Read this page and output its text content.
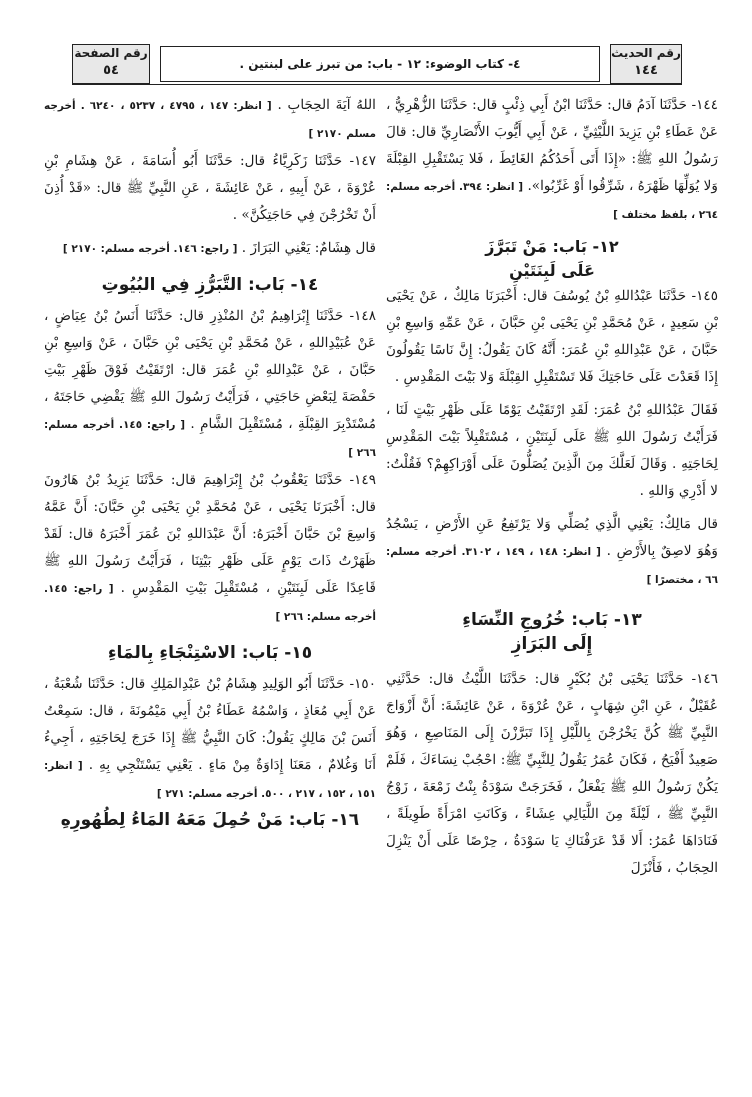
رقم الحديث
١٤٤
٤- كتاب الوضوء: ١٢ - باب: من تبرز على لبنتين .
رقم الصفحة
٥٤

١٤٤- حَدَّثَنَا آدَمُ قال: حَدَّثَنَا ابْنُ أَبِي ذِئْبٍ قال: حَدَّثَنَا الزُّهْرِيُّ ، عَنْ عَطَاءِ بْنِ يَزِيدَ اللَّيْثِيِّ ، عَنْ أَبِي أَيُّوبَ الأَنْصَارِيِّ قال: قالَ رَسُولُ اللهِ ﷺ: «إِذَا أَتَى أَحَدُكُمُ الغَائِطَ ، فَلا يَسْتَقْبِلِ القِبْلَةَ وَلا يُوَلِّهَا ظَهْرَهُ ، شَرِّقُوا أَوْ غَرِّبُوا». [ انظر: ٣٩٤. أخرجه مسلم: ٢٦٤ ، بلفظ مختلف ]

١٢- بَاب: مَنْ تَبَرَّزَ

عَلَى لَبِنَتَيْنِ

١٤٥- حَدَّثَنَا عَبْدُاللهِ بْنُ يُوسُفَ قال: أَخْبَرَنَا مَالِكٌ ، عَنْ يَحْيَى بْنِ سَعِيدٍ ، عَنْ مُحَمَّدِ بْنِ يَحْيَى بْنِ حَبَّانَ ، عَنْ عَمِّهِ وَاسِعِ بْنِ حَبَّانَ ، عَنْ عَبْدِاللهِ بْنِ عُمَرَ: أَنَّهُ كَانَ يَقُولُ: إِنَّ نَاسًا يَقُولُونَ إِذَا قَعَدْتَ عَلَى حَاجَتِكَ فَلا تَسْتَقْبِلِ القِبْلَةَ وَلا بَيْتَ المَقْدِسِ .

فَقَالَ عَبْدُاللهِ بْنُ عُمَرَ: لَقَدِ ارْتَقَيْتُ يَوْمًا عَلَى ظَهْرِ بَيْتٍ لَنَا ، فَرَأَيْتُ رَسُولَ اللهِ ﷺ عَلَى لَبِنَتَيْنِ ، مُسْتَقْبِلاً بَيْتَ المَقْدِسِ لِحَاجَتِهِ . وَقَالَ لَعَلَّكَ مِنَ الَّذِينَ يُصَلُّونَ عَلَى أَوْرَاكِهِمْ؟ فَقُلْتُ: لا أَدْرِي وَاللهِ .

قال مَالِكٌ: يَعْنِي الَّذِي يُصَلِّي وَلا يَرْتَفِعُ عَنِ الأَرْضِ ، يَسْجُدُ وَهُوَ لاصِقٌ بِالأَرْضِ . [ انظر: ١٤٨ ، ١٤٩ ، ٣١٠٢. أخرجه مسلم: ٦٦ ، مختصرًا ]

١٣- بَاب: خُرُوجِ النِّسَاءِ

إِلَى البَرَازِ

١٤٦- حَدَّثَنَا يَحْيَى بْنُ بُكَيْرٍ قال: حَدَّثَنَا اللَّيْثُ قال: حَدَّثَنِي عُقَيْلٌ ، عَنِ ابْنِ شِهَابٍ ، عَنْ عُرْوَةَ ، عَنْ عَائِشَةَ: أَنَّ أَزْوَاجَ النَّبِيِّ ﷺ كُنَّ يَخْرُجْنَ بِاللَّيْلِ إِذَا تَبَرَّزْنَ إِلَى المَنَاصِعِ ، وَهُوَ صَعِيدٌ أَفْيَحُ ، فَكَانَ عُمَرُ يَقُولُ لِلنَّبِيِّ ﷺ: احْجُبْ نِسَاءَكَ ، فَلَمْ يَكُنْ رَسُولُ اللهِ ﷺ يَفْعَلُ ، فَخَرَجَتْ سَوْدَةُ بِنْتُ زَمْعَةَ ، زَوْجُ النَّبِيِّ ﷺ ، لَيْلَةً مِنَ اللَّيَالِي عِشَاءً ، وَكَانَتِ امْرَأَةً طَوِيلَةً ، فَنَادَاهَا عُمَرُ: أَلا قَدْ عَرَفْنَاكِ يَا سَوْدَةُ ، حِرْصًا عَلَى أَنْ يَنْزِلَ الحِجَابُ ، فَأَنْزَلَ

اللهُ آيَةَ الحِجَابِ . [ انظر: ١٤٧ ، ٤٧٩٥ ، ٥٢٣٧ ، ٦٢٤٠ . أخرجه مسلم ٢١٧٠ ]

١٤٧- حَدَّثَنَا زَكَرِيَّاءُ قال: حَدَّثَنَا أَبُو أُسَامَةَ ، عَنْ هِشَامِ بْنِ عُرْوَةَ ، عَنْ أَبِيهِ ، عَنْ عَائِشَةَ ، عَنِ النَّبِيِّ ﷺ قال: «قَدْ أُذِنَ أَنْ تَخْرُجْنَ فِي حَاجَتِكُنَّ» .

قال هِشَامٌ: يَعْنِي البَرَازَ . [ راجع: ١٤٦. أخرجه مسلم: ٢١٧٠ ]

١٤- بَاب: التَّبَرُّزِ فِي البُيُوتِ

١٤٨- حَدَّثَنَا إِبْرَاهِيمُ بْنُ المُنْذِرِ قال: حَدَّثَنَا أَنَسُ بْنُ عِيَاضٍ ، عَنْ عُبَيْدِاللهِ ، عَنْ مُحَمَّدِ بْنِ يَحْيَى بْنِ حَبَّانَ ، عَنْ وَاسِعِ بْنِ حَبَّانَ ، عَنْ عَبْدِاللهِ بْنِ عُمَرَ قال: ارْتَقَيْتُ فَوْقَ ظَهْرِ بَيْتِ حَفْصَةَ لِبَعْضِ حَاجَتِي ، فَرَأَيْتُ رَسُولَ اللهِ ﷺ يَقْضِي حَاجَتَهُ ، مُسْتَدْبِرَ القِبْلَةِ ، مُسْتَقْبِلَ الشَّامِ . [ راجع: ١٤٥. أخرجه مسلم: ٢٦٦ ]

١٤٩- حَدَّثَنَا يَعْقُوبُ بْنُ إِبْرَاهِيمَ قال: حَدَّثَنَا يَزِيدُ بْنُ هَارُونَ قال: أَخْبَرَنَا يَحْيَى ، عَنْ مُحَمَّدِ بْنِ يَحْيَى بْنِ حَبَّانَ: أَنَّ عَمَّهُ وَاسِعَ بْنَ حَبَّانَ أَخْبَرَهُ: أَنَّ عَبْدَاللهِ بْنَ عُمَرَ أَخْبَرَهُ قال: لَقَدْ ظَهَرْتُ ذَاتَ يَوْمٍ عَلَى ظَهْرِ بَيْتِنَا ، فَرَأَيْتُ رَسُولَ اللهِ ﷺ قَاعِدًا عَلَى لَبِنَتَيْنِ ، مُسْتَقْبِلَ بَيْتِ المَقْدِسِ . [ راجع: ١٤٥. أخرجه مسلم: ٢٦٦ ]

١٥- بَاب: الاسْتِنْجَاءِ بِالمَاءِ

١٥٠- حَدَّثَنَا أَبُو الوَلِيدِ هِشَامُ بْنُ عَبْدِالمَلِكِ قال: حَدَّثَنَا شُعْبَةُ ، عَنْ أَبِي مُعَاذٍ ، وَاسْمُهُ عَطَاءُ بْنُ أَبِي مَيْمُونَةَ ، قال: سَمِعْتُ أَنَسَ بْنَ مَالِكٍ يَقُولُ: كَانَ النَّبِيُّ ﷺ إِذَا خَرَجَ لِحَاجَتِهِ ، أَجِيءُ أَنَا وَغُلامٌ ، مَعَنَا إِدَاوَةٌ مِنْ مَاءٍ . يَعْنِي يَسْتَنْجِي بِهِ . [ انظر: ١٥١ ، ١٥٢ ، ٢١٧ ، ٥٠٠. أخرجه مسلم: ٢٧١ ]

١٦- بَاب: مَنْ حُمِلَ مَعَهُ المَاءُ لِطُهُورِهِ
